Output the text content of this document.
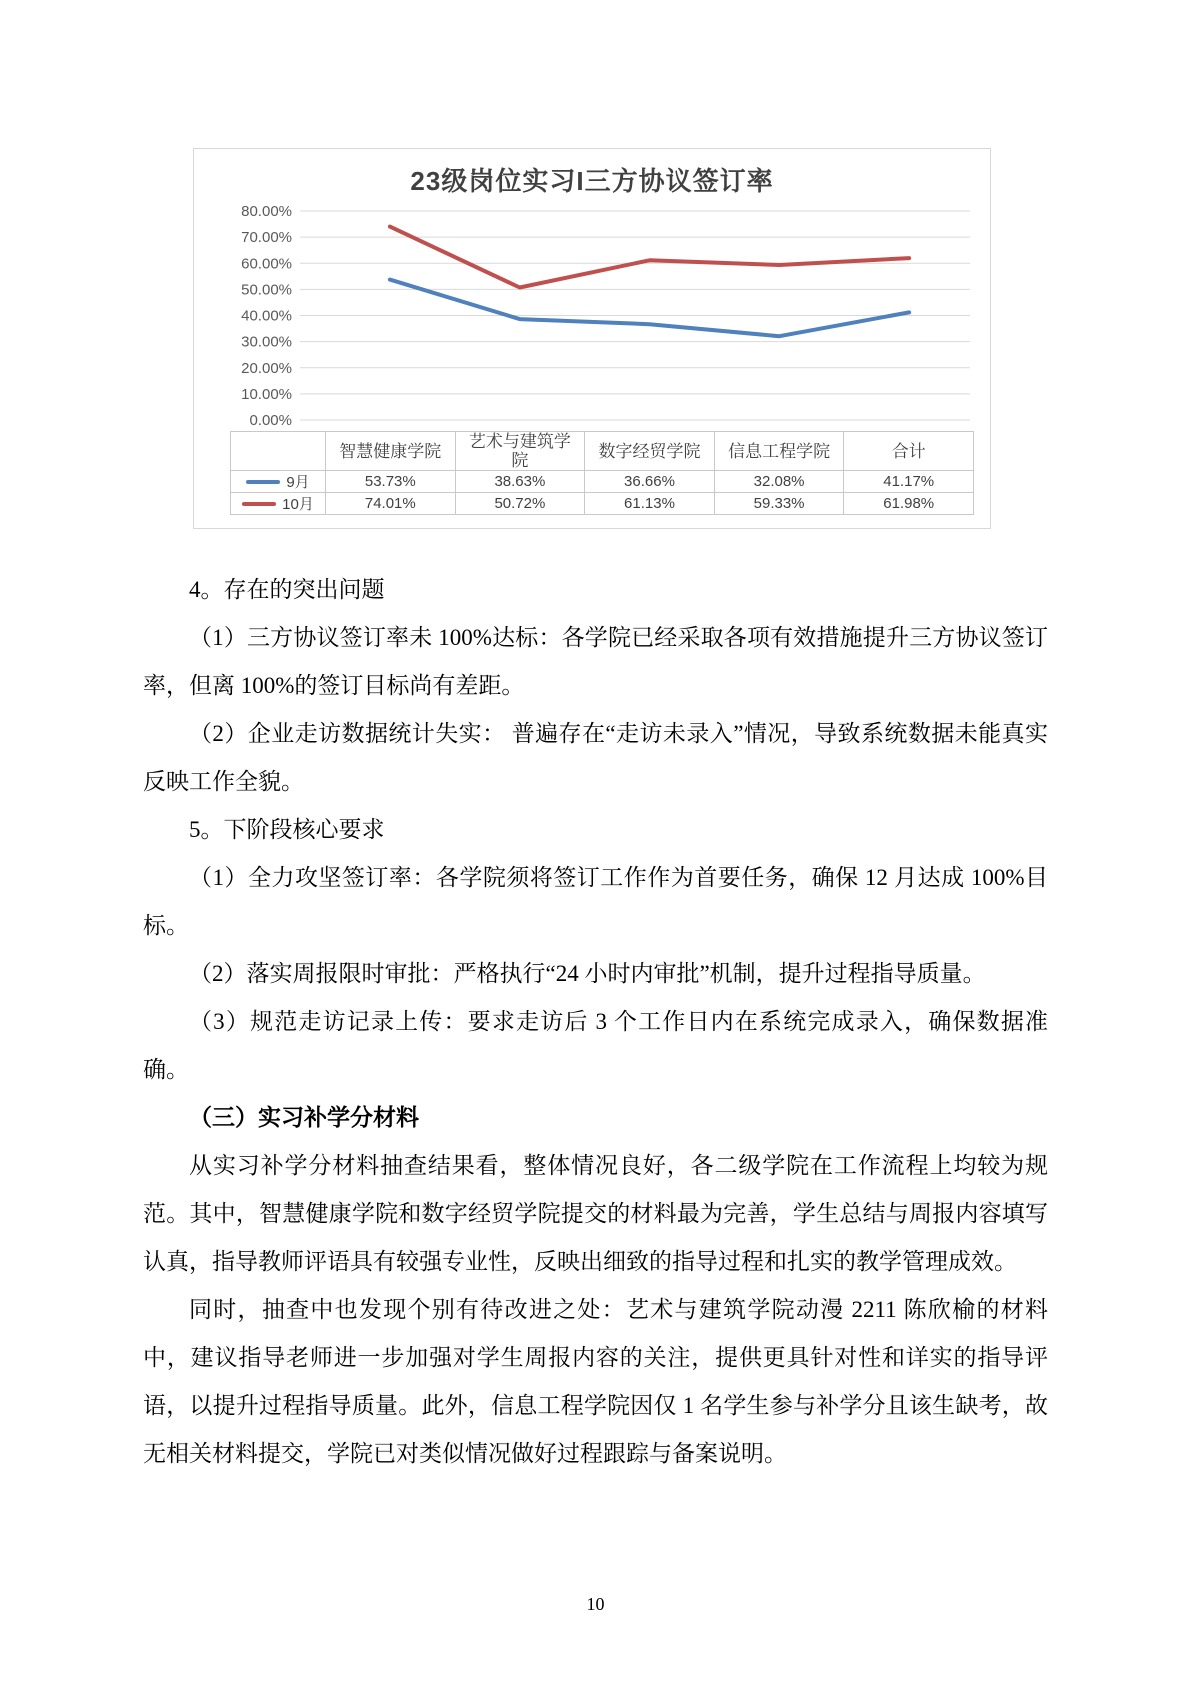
23级岗位实习I三方协议签订率
80.00%
70.00%
60.00%
50.00%
40.00%
30.00%
20.00%
10.00%
0.00%
	智慧健康学院	艺术与建筑学院	数字经贸学院	信息工程学院	合计

9月	53.73%	38.63%	36.66%	32.08%	41.17%

10月	74.01%	50.72%	61.13%	59.33%	61.98%

4。存在的突出问题

（1）三方协议签订率未 100%达标：各学院已经采取各项有效措施提升三方协议签订率，但离 100%的签订目标尚有差距。

（2）企业走访数据统计失实： 普遍存在“走访未录入”情况，导致系统数据未能真实反映工作全貌。

5。下阶段核心要求

（1）全力攻坚签订率：各学院须将签订工作作为首要任务，确保 12 月达成 100%目标。

（2）落实周报限时审批：严格执行“24 小时内审批”机制，提升过程指导质量。

（3）规范走访记录上传：要求走访后 3 个工作日内在系统完成录入，确保数据准确。

（三）实习补学分材料

从实习补学分材料抽查结果看，整体情况良好，各二级学院在工作流程上均较为规范。其中，智慧健康学院和数字经贸学院提交的材料最为完善，学生总结与周报内容填写认真，指导教师评语具有较强专业性，反映出细致的指导过程和扎实的教学管理成效。

同时，抽查中也发现个别有待改进之处：艺术与建筑学院动漫 2211 陈欣榆的材料中，建议指导老师进一步加强对学生周报内容的关注，提供更具针对性和详实的指导评语，以提升过程指导质量。此外，信息工程学院因仅 1 名学生参与补学分且该生缺考，故无相关材料提交，学院已对类似情况做好过程跟踪与备案说明。

10
